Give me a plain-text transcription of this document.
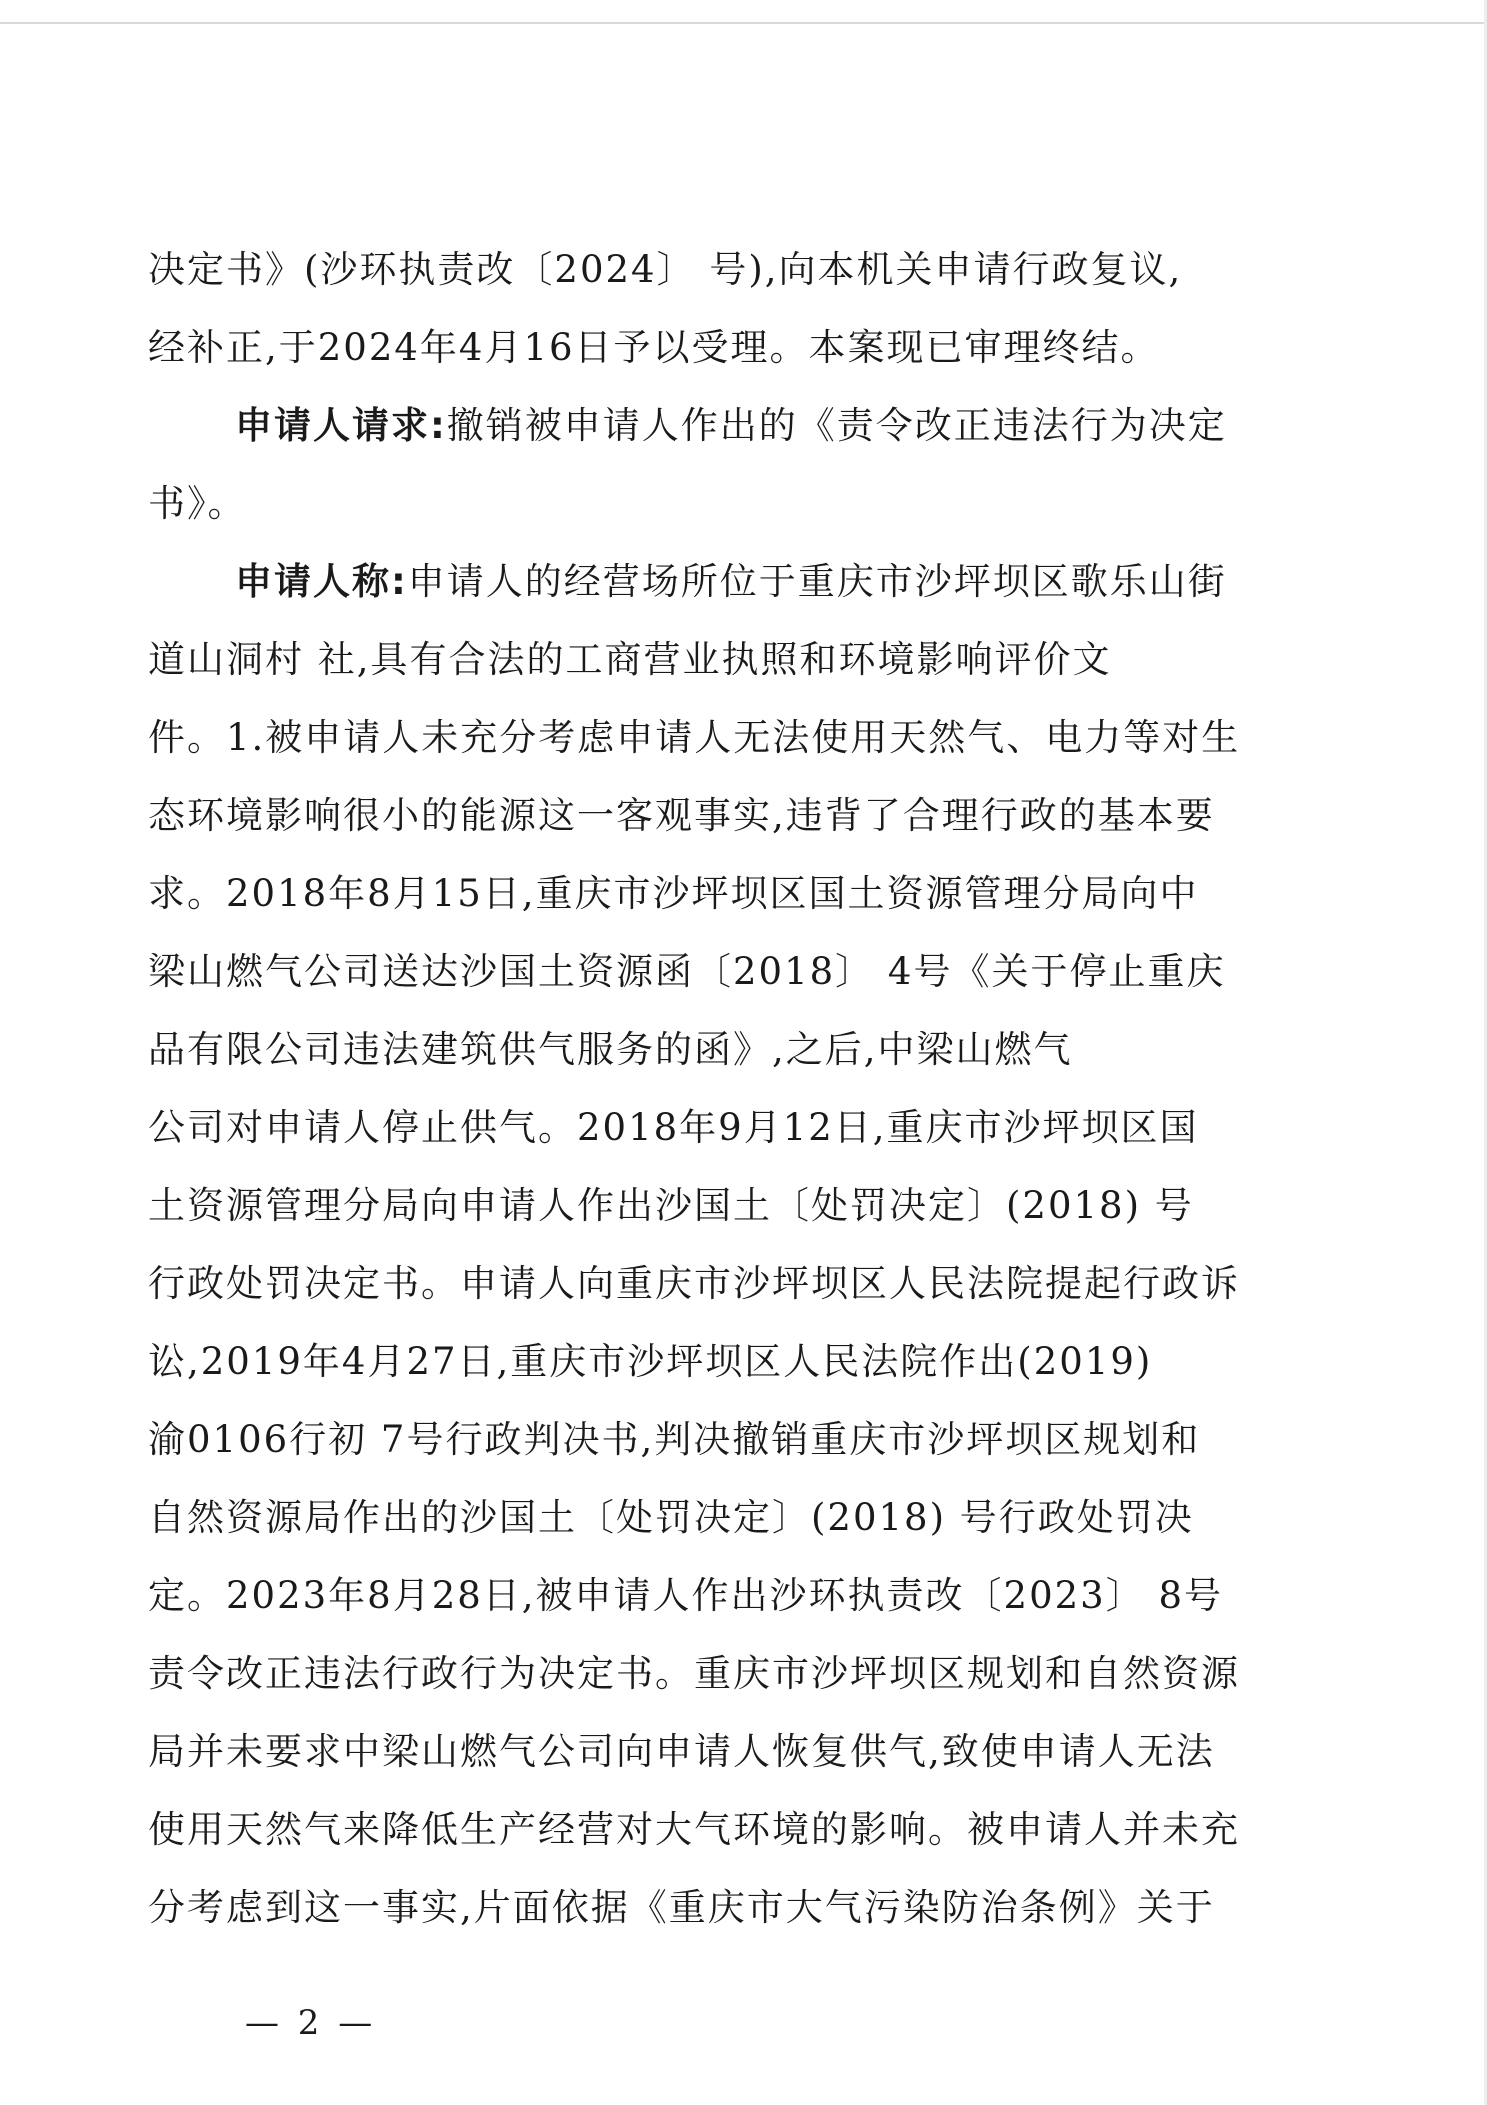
决定书》(沙环执责改〔2024〕 号),向本机关申请行政复议,
经补正,于2024年4月16日予以受理。本案现已审理终结。
申请人请求:撤销被申请人作出的《责令改正违法行为决定
书》。
申请人称:申请人的经营场所位于重庆市沙坪坝区歌乐山街
道山洞村 社,具有合法的工商营业执照和环境影响评价文
件。1.被申请人未充分考虑申请人无法使用天然气、电力等对生
态环境影响很小的能源这一客观事实,违背了合理行政的基本要
求。2018年8月15日,重庆市沙坪坝区国土资源管理分局向中
梁山燃气公司送达沙国土资源函〔2018〕 4号《关于停止重庆
品有限公司违法建筑供气服务的函》,之后,中梁山燃气
公司对申请人停止供气。2018年9月12日,重庆市沙坪坝区国
土资源管理分局向申请人作出沙国土〔处罚决定〕(2018) 号
行政处罚决定书。申请人向重庆市沙坪坝区人民法院提起行政诉
讼,2019年4月27日,重庆市沙坪坝区人民法院作出(2019)
渝0106行初 7号行政判决书,判决撤销重庆市沙坪坝区规划和
自然资源局作出的沙国土〔处罚决定〕(2018) 号行政处罚决
定。2023年8月28日,被申请人作出沙环执责改〔2023〕 8号
责令改正违法行政行为决定书。重庆市沙坪坝区规划和自然资源
局并未要求中梁山燃气公司向申请人恢复供气,致使申请人无法
使用天然气来降低生产经营对大气环境的影响。被申请人并未充
分考虑到这一事实,片面依据《重庆市大气污染防治条例》关于
— 2 —
